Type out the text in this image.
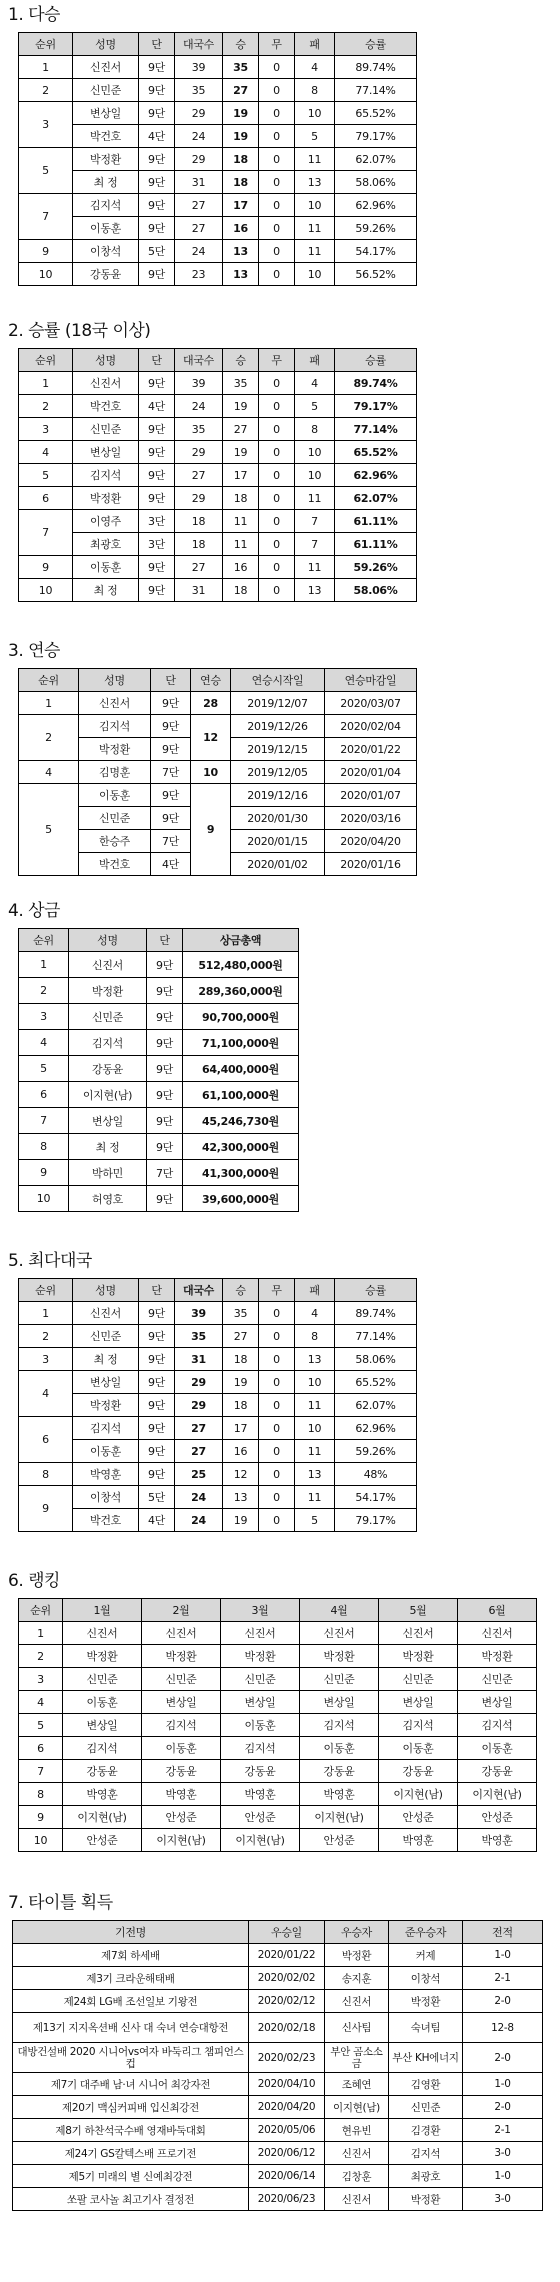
1. 다승
순위	성명	단	대국수	승	무	패	승률
1	신진서	9단	39	35	0	4	89.74%
2	신민준	9단	35	27	0	8	77.14%
3	변상일	9단	29	19	0	10	65.52%
	박건호	4단	24	19	0	5	79.17%
5	박정환	9단	29	18	0	11	62.07%
	최 정	9단	31	18	0	13	58.06%
7	김지석	9단	27	17	0	10	62.96%
	이동훈	9단	27	16	0	11	59.26%
9	이창석	5단	24	13	0	11	54.17%
10	강동윤	9단	23	13	0	10	56.52%
2. 승률 (18국 이상)
순위	성명	단	대국수	승	무	패	승률
1	신진서	9단	39	35	0	4	89.74%
2	박건호	4단	24	19	0	5	79.17%
3	신민준	9단	35	27	0	8	77.14%
4	변상일	9단	29	19	0	10	65.52%
5	김지석	9단	27	17	0	10	62.96%
6	박정환	9단	29	18	0	11	62.07%
7	이영주	3단	18	11	0	7	61.11%
	최광호	3단	18	11	0	7	61.11%
9	이동훈	9단	27	16	0	11	59.26%
10	최 정	9단	31	18	0	13	58.06%
3. 연승
순위	성명	단	연승	연승시작일	연승마감일
1	신진서	9단	28	2019/12/07	2020/03/07
2	김지석	9단	12	2019/12/26	2020/02/04
	박정환	9단		2019/12/15	2020/01/22
4	김명훈	7단	10	2019/12/05	2020/01/04
5	이동훈	9단	9	2019/12/16	2020/01/07
	신민준	9단		2020/01/30	2020/03/16
	한승주	7단		2020/01/15	2020/04/20
	박건호	4단		2020/01/02	2020/01/16
4. 상금
순위	성명	단	상금총액
1	신진서	9단	512,480,000원
2	박정환	9단	289,360,000원
3	신민준	9단	90,700,000원
4	김지석	9단	71,100,000원
5	강동윤	9단	64,400,000원
6	이지현(남)	9단	61,100,000원
7	변상일	9단	45,246,730원
8	최 정	9단	42,300,000원
9	박하민	7단	41,300,000원
10	허영호	9단	39,600,000원
5. 최다대국
순위	성명	단	대국수	승	무	패	승률
1	신진서	9단	39	35	0	4	89.74%
2	신민준	9단	35	27	0	8	77.14%
3	최 정	9단	31	18	0	13	58.06%
4	변상일	9단	29	19	0	10	65.52%
	박정환	9단	29	18	0	11	62.07%
6	김지석	9단	27	17	0	10	62.96%
	이동훈	9단	27	16	0	11	59.26%
8	박영훈	9단	25	12	0	13	48%
9	이창석	5단	24	13	0	11	54.17%
	박건호	4단	24	19	0	5	79.17%
6. 랭킹
순위	1월	2월	3월	4월	5월	6월
1	신진서	신진서	신진서	신진서	신진서	신진서
2	박정환	박정환	박정환	박정환	박정환	박정환
3	신민준	신민준	신민준	신민준	신민준	신민준
4	이동훈	변상일	변상일	변상일	변상일	변상일
5	변상일	김지석	이동훈	김지석	김지석	김지석
6	김지석	이동훈	김지석	이동훈	이동훈	이동훈
7	강동윤	강동윤	강동윤	강동윤	강동윤	강동윤
8	박영훈	박영훈	박영훈	박영훈	이지현(남)	이지현(남)
9	이지현(남)	안성준	안성준	이지현(남)	안성준	안성준
10	안성준	이지현(남)	이지현(남)	안성준	박영훈	박영훈
7. 타이틀 획득
기전명	우승일	우승자	준우승자	전적
제7회 하세배	2020/01/22	박정환	커제	1-0
제3기 크라운해태배	2020/02/02	송지훈	이창석	2-1
제24회 LG배 조선일보 기왕전	2020/02/12	신진서	박정환	2-0
제13기 지지옥션배 신사 대 숙녀 연승대항전	2020/02/18	신사팀	숙녀팀	12-8
대방건설배 2020 시니어vs여자 바둑리그 챔피언스컵	2020/02/23	부안 곰소소금	부산 KH에너지	2-0
제7기 대주배 남·녀 시니어 최강자전	2020/04/10	조혜연	김영환	1-0
제20기 맥심커피배 입신최강전	2020/04/20	이지현(남)	신민준	2-0
제8기 하찬석국수배 영재바둑대회	2020/05/06	현유빈	김경환	2-1
제24기 GS칼텍스배 프로기전	2020/06/12	신진서	김지석	3-0
제5기 미래의 별 신예최강전	2020/06/14	김창훈	최광호	1-0
쏘팔 코사놀 최고기사 결정전	2020/06/23	신진서	박정환	3-0
